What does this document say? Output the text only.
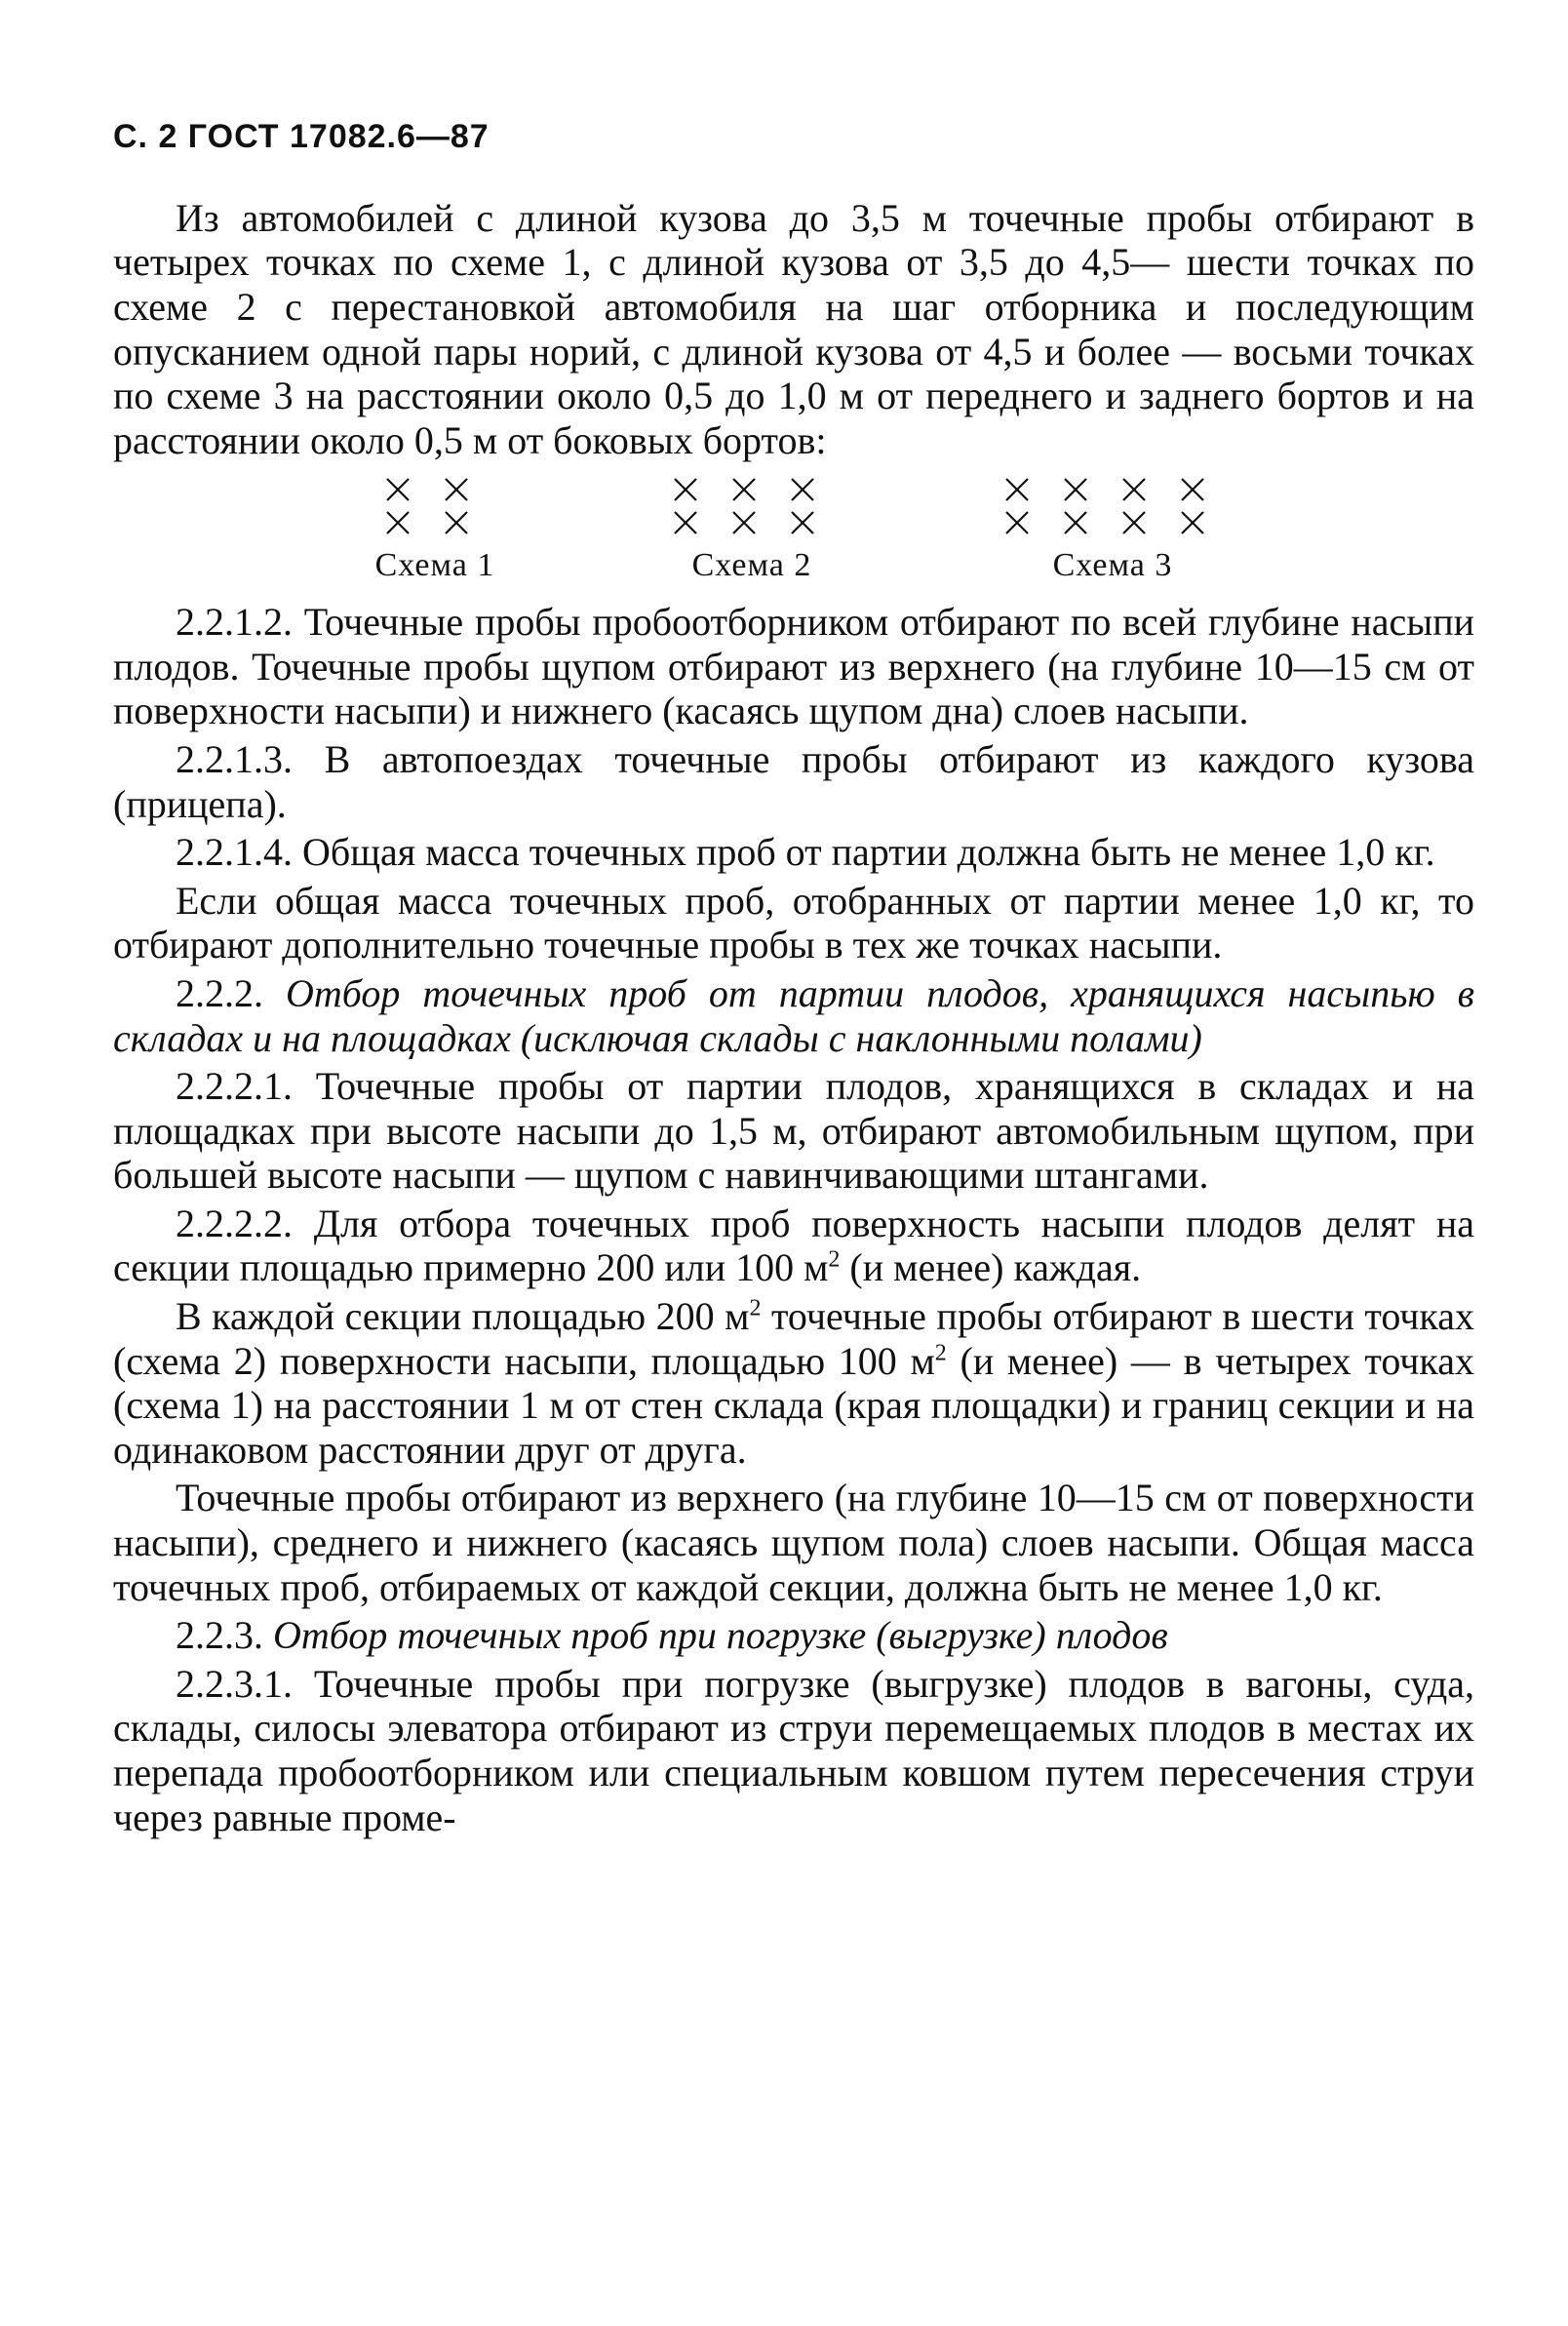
С. 2 ГОСТ 17082.6—87

Из автомобилей с длиной кузова до 3,5 м точечные пробы отбирают в четырех точках по схеме 1, с длиной кузова от 3,5 до 4,5— шести точках по схеме 2 с перестановкой автомобиля на шаг отборника и последующим опусканием одной пары норий, с длиной кузова от 4,5 и более — восьми точках по схеме 3 на расстоянии около 0,5 до 1,0 м от переднего и заднего бортов и на расстоянии около 0,5 м от боковых бортов:

Схема 1	Схема 2	Схема 3

2.2.1.2. Точечные пробы пробоотборником отбирают по всей глубине насыпи плодов. Точечные пробы щупом отбирают из верхнего (на глубине 10—15 см от поверхности насыпи) и нижнего (касаясь щупом дна) слоев насыпи.

2.2.1.3. В автопоездах точечные пробы отбирают из каждого кузова (прицепа).

2.2.1.4. Общая масса точечных проб от партии должна быть не менее 1,0 кг.

Если общая масса точечных проб, отобранных от партии менее 1,0 кг, то отбирают дополнительно точечные пробы в тех же точках насыпи.

2.2.2. Отбор точечных проб от партии плодов, хранящихся насыпью в складах и на площадках (исключая склады с наклонными полами)

2.2.2.1. Точечные пробы от партии плодов, хранящихся в складах и на площадках при высоте насыпи до 1,5 м, отбирают автомобильным щупом, при большей высоте насыпи — щупом с навинчивающими штангами.

2.2.2.2. Для отбора точечных проб поверхность насыпи плодов делят на секции площадью примерно 200 или 100 $м^2$ (и менее) каждая.

В каждой секции площадью 200 $м^2$ точечные пробы отбирают в шести точках (схема 2) поверхности насыпи, площадью 100 $м^2$ (и менее) — в четырех точках (схема 1) на расстоянии 1 м от стен склада (края площадки) и границ секции и на одинаковом расстоянии друг от друга.

Точечные пробы отбирают из верхнего (на глубине 10—15 см от поверхности насыпи), среднего и нижнего (касаясь щупом пола) слоев насыпи. Общая масса точечных проб, отбираемых от каждой секции, должна быть не менее 1,0 кг.

2.2.3. Отбор точечных проб при погрузке (выгрузке) плодов

2.2.3.1. Точечные пробы при погрузке (выгрузке) плодов в вагоны, суда, склады, силосы элеватора отбирают из струи перемещаемых плодов в местах их перепада пробоотборником или специальным ковшом путем пересечения струи через равные проме-
